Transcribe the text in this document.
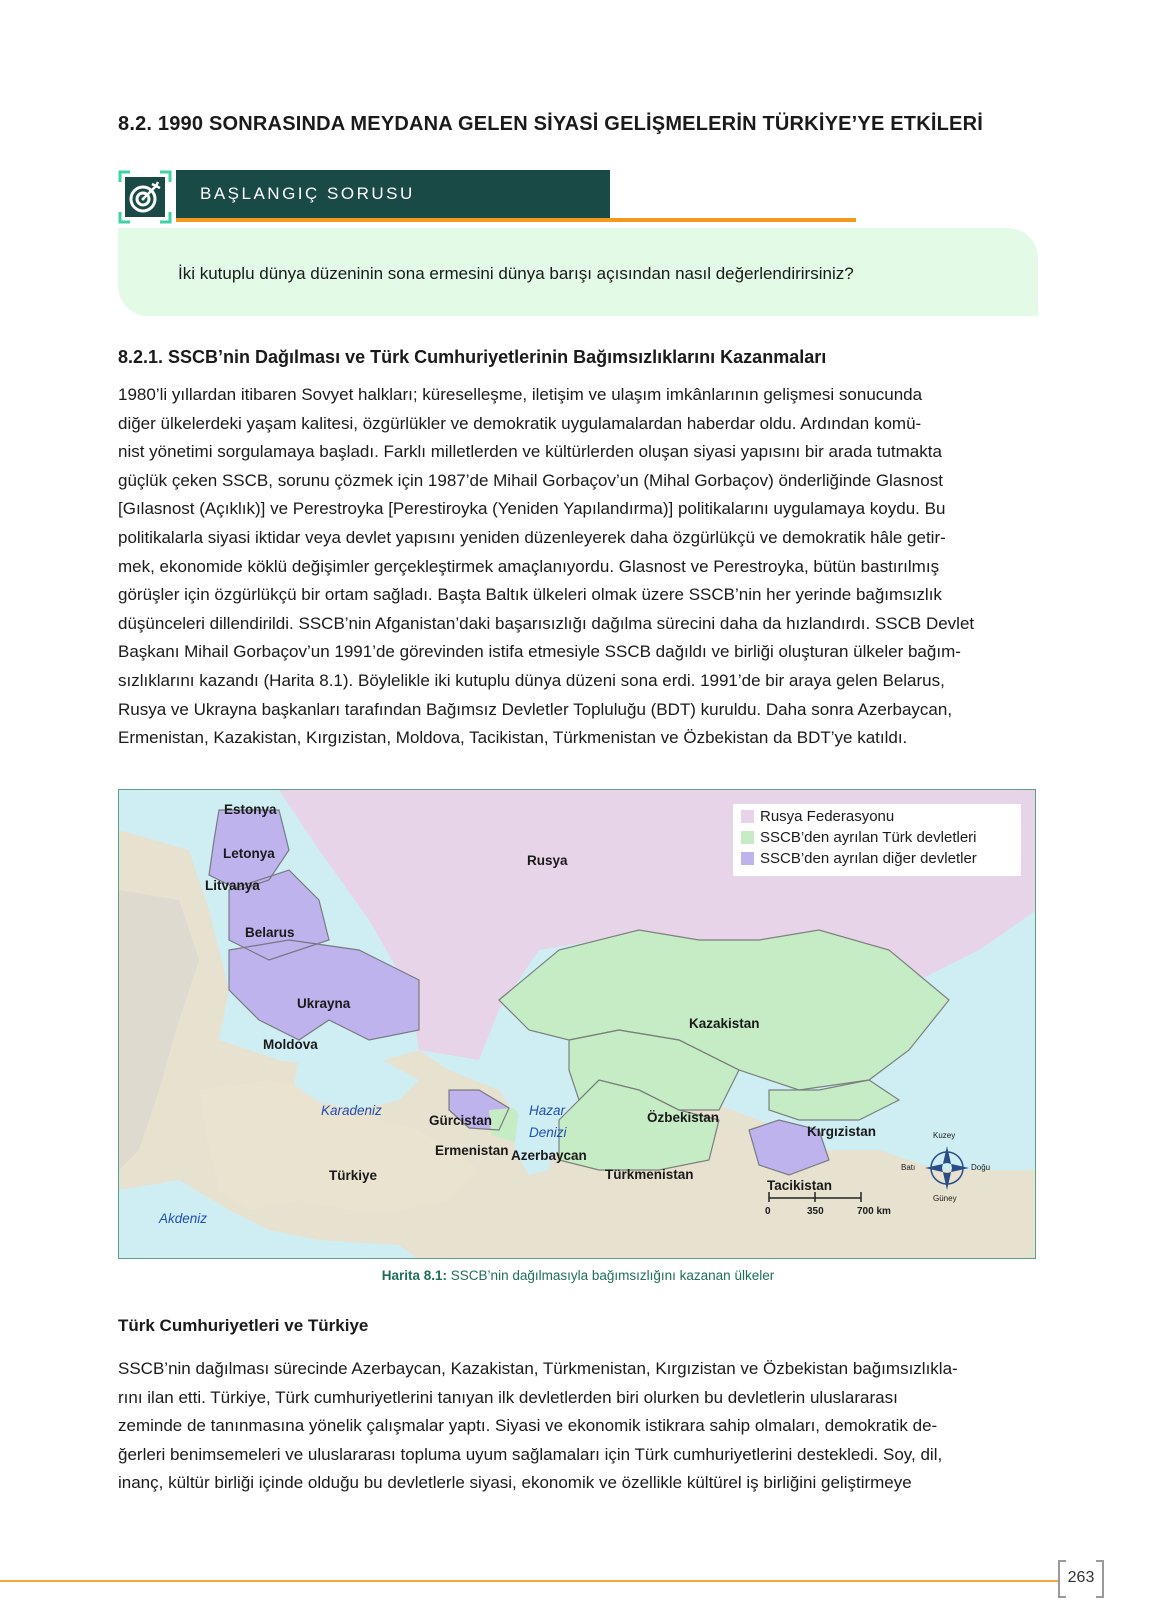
8.2. 1990 SONRASINDA MEYDANA GELEN SİYASİ GELİŞMELERİN TÜRKİYE’YE ETKİLERİ
BAŞLANGIÇ SORUSU
İki kutuplu dünya düzeninin sona ermesini dünya barışı açısından nasıl değerlendirirsiniz?
8.2.1. SSCB’nin Dağılması ve Türk Cumhuriyetlerinin Bağımsızlıklarını Kazanmaları

1980’li yıllardan itibaren Sovyet halkları; küreselleşme, iletişim ve ulaşım imkânlarının gelişmesi sonucunda

diğer ülkelerdeki yaşam kalitesi, özgürlükler ve demokratik uygulamalardan haberdar oldu. Ardından komü-

nist yönetimi sorgulamaya başladı. Farklı milletlerden ve kültürlerden oluşan siyasi yapısını bir arada tutmakta

güçlük çeken SSCB, sorunu çözmek için 1987’de Mihail Gorbaçov’un (Mihal Gorbaçov) önderliğinde Glasnost

[Gılasnost (Açıklık)] ve Perestroyka [Perestiroyka (Yeniden Yapılandırma)] politikalarını uygulamaya koydu. Bu

politikalarla siyasi iktidar veya devlet yapısını yeniden düzenleyerek daha özgürlükçü ve demokratik hâle getir-

mek, ekonomide köklü değişimler gerçekleştirmek amaçlanıyordu. Glasnost ve Perestroyka, bütün bastırılmış

görüşler için özgürlükçü bir ortam sağladı. Başta Baltık ülkeleri olmak üzere SSCB’nin her yerinde bağımsızlık

düşünceleri dillendirildi. SSCB’nin Afganistan’daki başarısızlığı dağılma sürecini daha da hızlandırdı. SSCB Devlet

Başkanı Mihail Gorbaçov’un 1991’de görevinden istifa etmesiyle SSCB dağıldı ve birliği oluşturan ülkeler bağım-

sızlıklarını kazandı (Harita 8.1). Böylelikle iki kutuplu dünya düzeni sona erdi. 1991’de bir araya gelen Belarus,

Rusya ve Ukrayna başkanları tarafından Bağımsız Devletler Topluluğu (BDT) kuruldu. Daha sonra Azerbaycan,

Ermenistan, Kazakistan, Kırgızistan, Moldova, Tacikistan, Türkmenistan ve Özbekistan da BDT’ye katıldı.

Rusya Federasyonu
SSCB’den ayrılan Türk devletleri
SSCB’den ayrılan diğer devletler
Estonya
Letonya
Litvanya
Belarus
Ukrayna
Moldova
Rusya
Kazakistan
Özbekistan
Kırgızistan
Türkmenistan
Tacikistan
Gürcistan
Ermenistan Azerbaycan
Türkiye
Karadeniz	Hazar
Denizi
Akdeniz	0	350	700 km
Kuzey
Güney
Doğu
Batı
Harita 8.1: SSCB’nin dağılmasıyla bağımsızlığını kazanan ülkeler
Türk Cumhuriyetleri ve Türkiye

SSCB’nin dağılması sürecinde Azerbaycan, Kazakistan, Türkmenistan, Kırgızistan ve Özbekistan bağımsızlıkla-

rını ilan etti. Türkiye, Türk cumhuriyetlerini tanıyan ilk devletlerden biri olurken bu devletlerin uluslararası

zeminde de tanınmasına yönelik çalışmalar yaptı. Siyasi ve ekonomik istikrara sahip olmaları, demokratik de-

ğerleri benimsemeleri ve uluslararası topluma uyum sağlamaları için Türk cumhuriyetlerini destekledi. Soy, dil,

inanç, kültür birliği içinde olduğu bu devletlerle siyasi, ekonomik ve özellikle kültürel iş birliğini geliştirmeye

263
